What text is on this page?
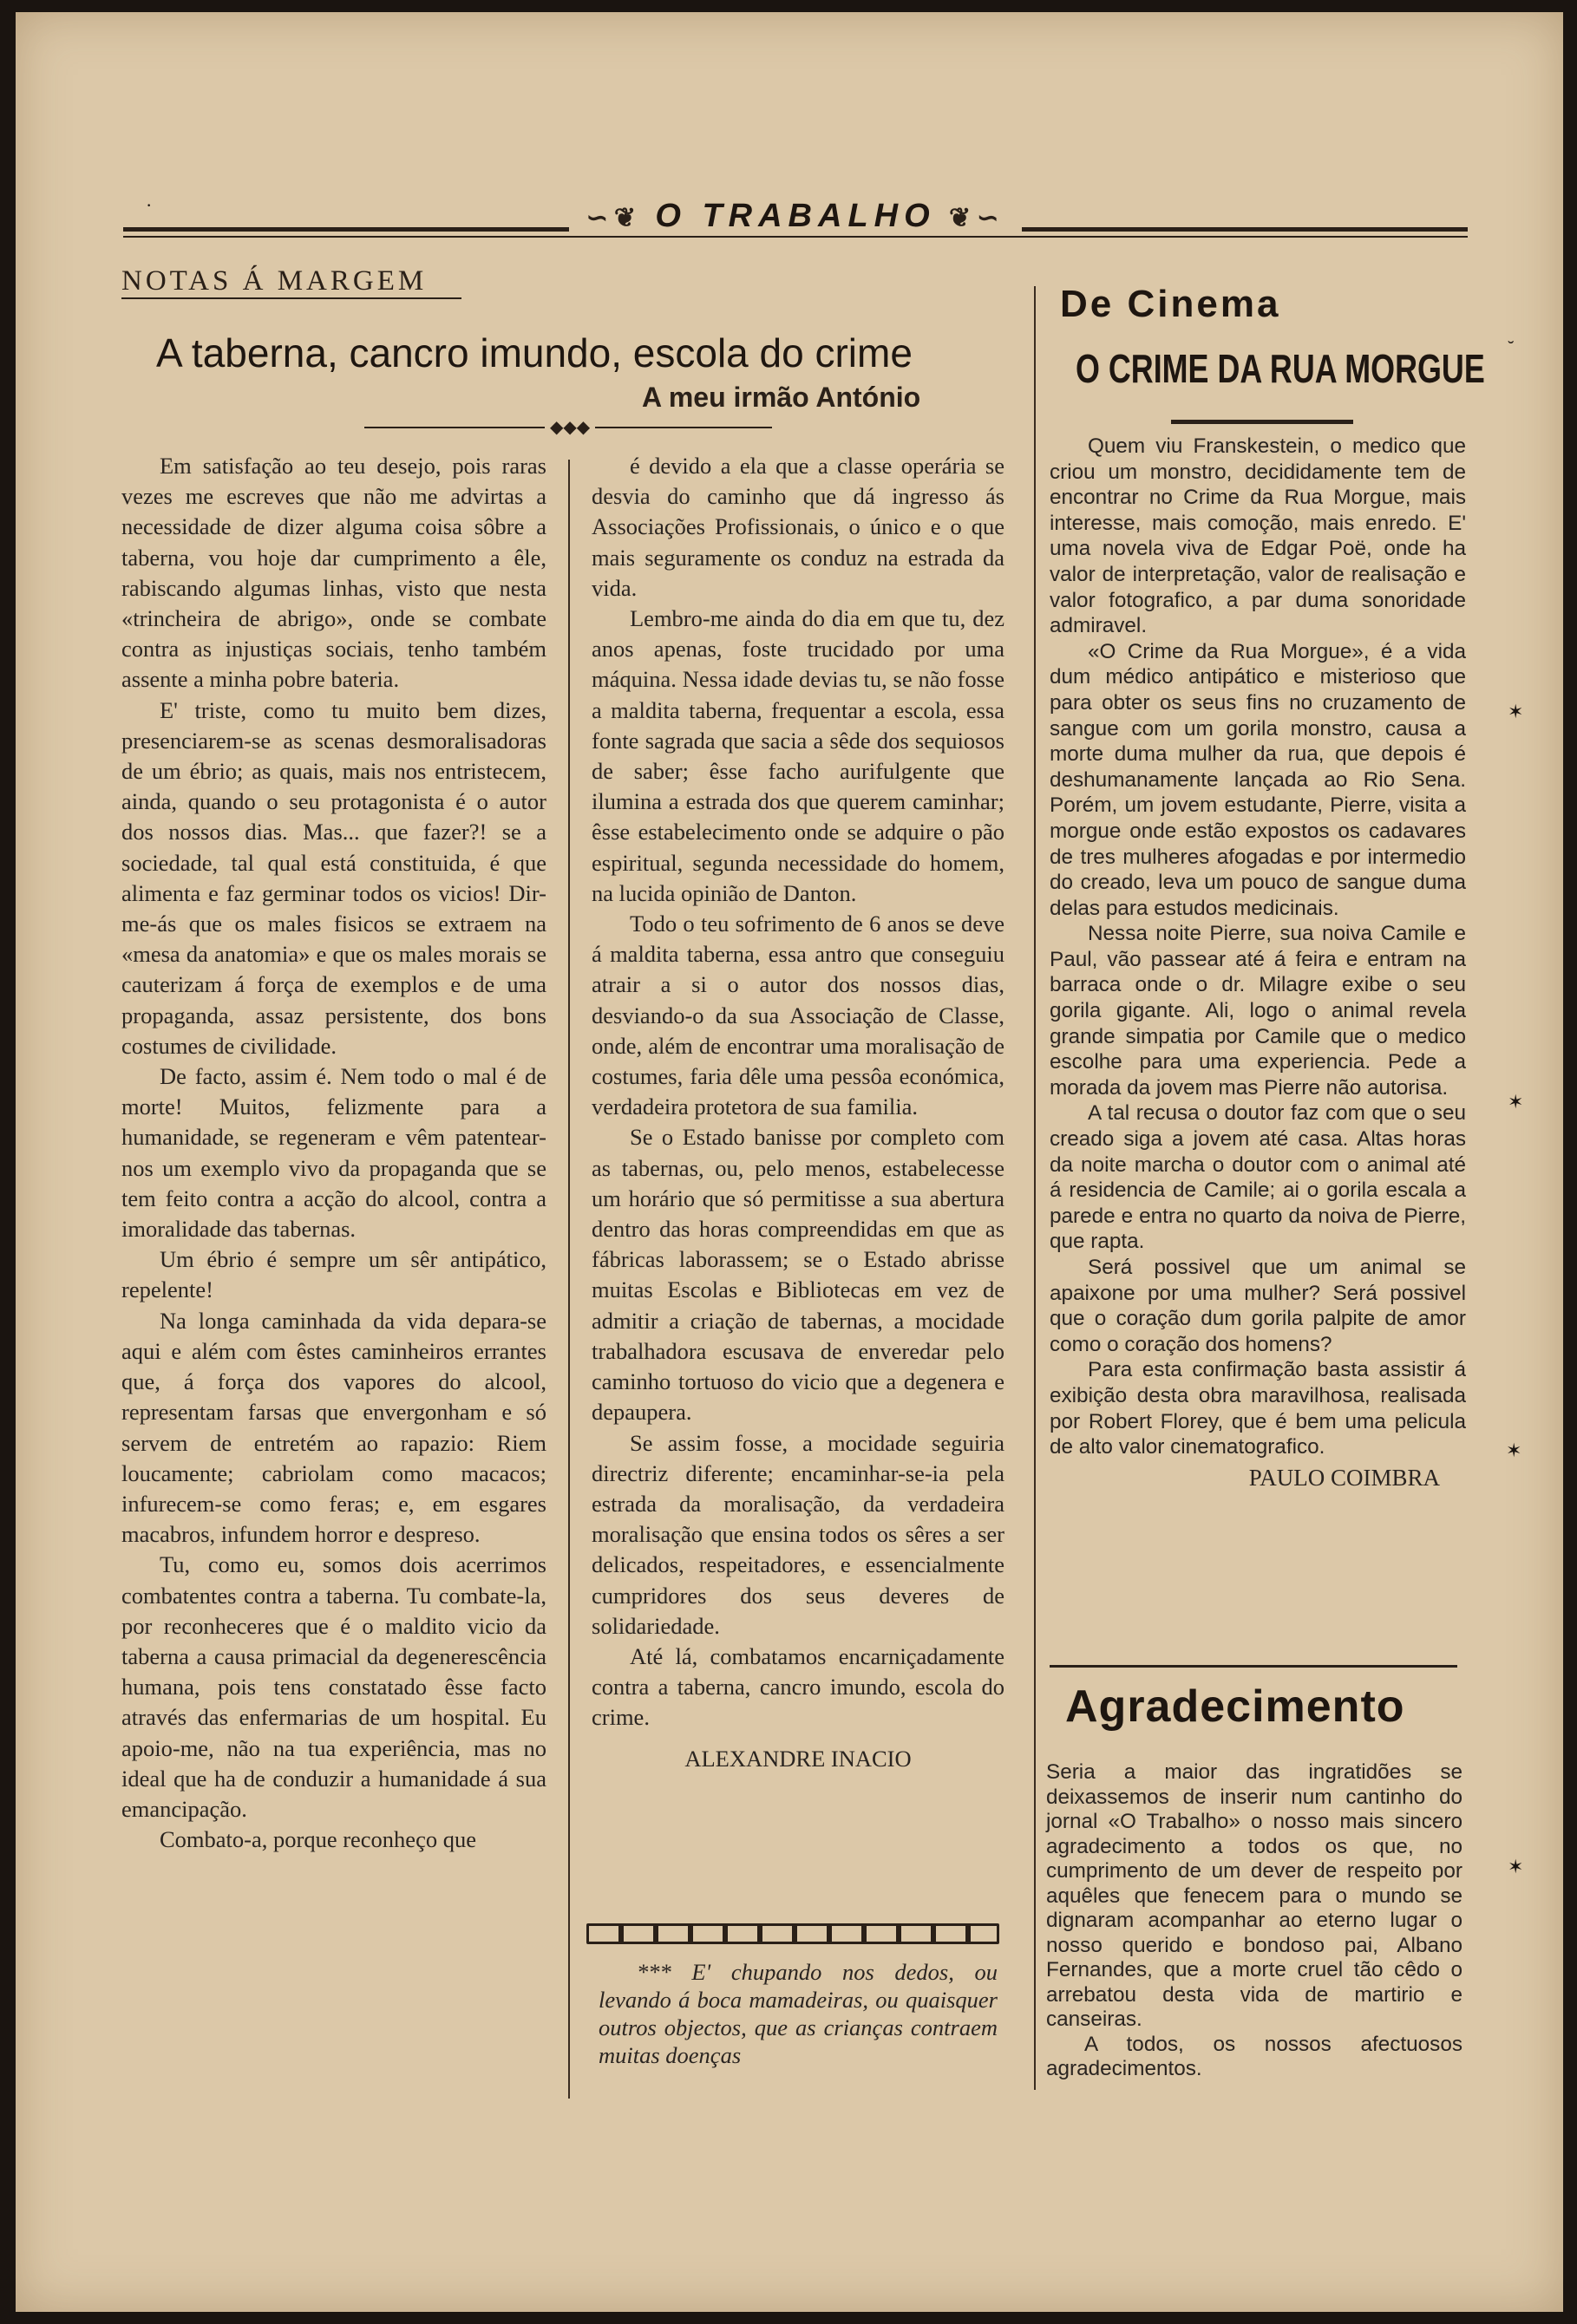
∽❦ O TRABALHO ❦∽
NOTAS Á MARGEM
A taberna, cancro imundo, escola do crime
A meu irmão António
◆◆◆

Em satisfação ao teu desejo, pois raras vezes me escreves que não me advirtas a necessidade de dizer alguma coisa sôbre a taberna, vou hoje dar cumprimento a êle, rabiscando algumas linhas, visto que nesta «trincheira de abrigo», onde se combate contra as injustiças sociais, tenho também assente a minha pobre bateria.

E' triste, como tu muito bem dizes, presenciarem-se as scenas desmoralisadoras de um ébrio; as quais, mais nos entristecem, ainda, quando o seu protagonista é o autor dos nossos dias. Mas... que fazer?! se a sociedade, tal qual está constituida, é que alimenta e faz germinar todos os vicios! Dir-me-ás que os males fisicos se extraem na «mesa da anatomia» e que os males morais se cauterizam á força de exemplos e de uma propaganda, assaz persistente, dos bons costumes de civilidade.

De facto, assim é. Nem todo o mal é de morte! Muitos, felizmente para a humanidade, se regeneram e vêm patentear-nos um exemplo vivo da propaganda que se tem feito contra a acção do alcool, contra a imoralidade das tabernas.

Um ébrio é sempre um sêr antipático, repelente!

Na longa caminhada da vida depara-se aqui e além com êstes caminheiros errantes que, á força dos vapores do alcool, representam farsas que envergonham e só servem de entretém ao rapazio: Riem loucamente; cabriolam como macacos; infurecem-se como feras; e, em esgares macabros, infundem horror e despreso.

Tu, como eu, somos dois acerrimos combatentes contra a taberna. Tu combate-la, por reconheceres que é o maldito vicio da taberna a causa primacial da degenerescência humana, pois tens constatado êsse facto através das enfermarias de um hospital. Eu apoio-me, não na tua experiência, mas no ideal que ha de conduzir a humanidade á sua emancipação.

Combato-a, porque reconheço que

é devido a ela que a classe operária se desvia do caminho que dá ingresso ás Associações Profissionais, o único e o que mais seguramente os conduz na estrada da vida.

Lembro-me ainda do dia em que tu, dez anos apenas, foste trucidado por uma máquina. Nessa idade devias tu, se não fosse a maldita taberna, frequentar a escola, essa fonte sagrada que sacia a sêde dos sequiosos de saber; êsse facho aurifulgente que ilumina a estrada dos que querem caminhar; êsse estabelecimento onde se adquire o pão espiritual, segunda necessidade do homem, na lucida opinião de Danton.

Todo o teu sofrimento de 6 anos se deve á maldita taberna, essa antro que conseguiu atrair a si o autor dos nossos dias, desviando-o da sua Associação de Classe, onde, além de encontrar uma moralisação de costumes, faria dêle uma pessôa económica, verdadeira protetora de sua familia.

Se o Estado banisse por completo com as tabernas, ou, pelo menos, estabelecesse um horário que só permitisse a sua abertura dentro das horas compreendidas em que as fábricas laborassem; se o Estado abrisse muitas Escolas e Bibliotecas em vez de admitir a criação de tabernas, a mocidade trabalhadora escusava de enveredar pelo caminho tortuoso do vicio que a degenera e depaupera.

Se assim fosse, a mocidade seguiria directriz diferente; encaminhar-se-ia pela estrada da moralisação, da verdadeira moralisação que ensina todos os sêres a ser delicados, respeitadores, e essencialmente cumpridores dos seus deveres de solidariedade.

Até lá, combatamos encarniçadamente contra a taberna, cancro imundo, escola do crime.

ALEXANDRE INACIO

*** E' chupando nos dedos, ou levando á boca mamadeiras, ou quaisquer outros objectos, que as crianças contraem muitas doenças

De Cinema
O CRIME DA RUA MORGUE

Quem viu Franskestein, o medico que criou um monstro, decididamente tem de encontrar no Crime da Rua Morgue, mais interesse, mais comoção, mais enredo. E' uma novela viva de Edgar Poë, onde ha valor de interpretação, valor de realisação e valor fotografico, a par duma sonoridade admiravel.

«O Crime da Rua Morgue», é a vida dum médico antipático e misterioso que para obter os seus fins no cruzamento de sangue com um gorila monstro, causa a morte duma mulher da rua, que depois é deshumanamente lançada ao Rio Sena. Porém, um jovem estudante, Pierre, visita a morgue onde estão expostos os cadavares de tres mulheres afogadas e por intermedio do creado, leva um pouco de sangue duma delas para estudos medicinais.

Nessa noite Pierre, sua noiva Camile e Paul, vão passear até á feira e entram na barraca onde o dr. Milagre exibe o seu gorila gigante. Ali, logo o animal revela grande simpatia por Camile que o medico escolhe para uma experiencia. Pede a morada da jovem mas Pierre não autorisa.

A tal recusa o doutor faz com que o seu creado siga a jovem até casa. Altas horas da noite marcha o doutor com o animal até á residencia de Camile; ai o gorila escala a parede e entra no quarto da noiva de Pierre, que rapta.

Será possivel que um animal se apaixone por uma mulher? Será possivel que o coração dum gorila palpite de amor como o coração dos homens?

Para esta confirmação basta assistir á exibição desta obra maravilhosa, realisada por Robert Florey, que é bem uma pelicula de alto valor cinematografico.

PAULO COIMBRA

Agradecimento

Seria a maior das ingratidões se deixassemos de inserir num cantinho do jornal «O Trabalho» o nosso mais sincero agradecimento a todos os que, no cumprimento de um dever de respeito por aquêles que fenecem para o mundo se dignaram acompanhar ao eterno lugar o nosso querido e bondoso pai, Albano Fernandes, que a morte cruel tão cêdo o arrebatou desta vida de martirio e canseiras.

A todos, os nossos afectuosos agradecimentos.

˘
✶
✶
✶
✶
·
